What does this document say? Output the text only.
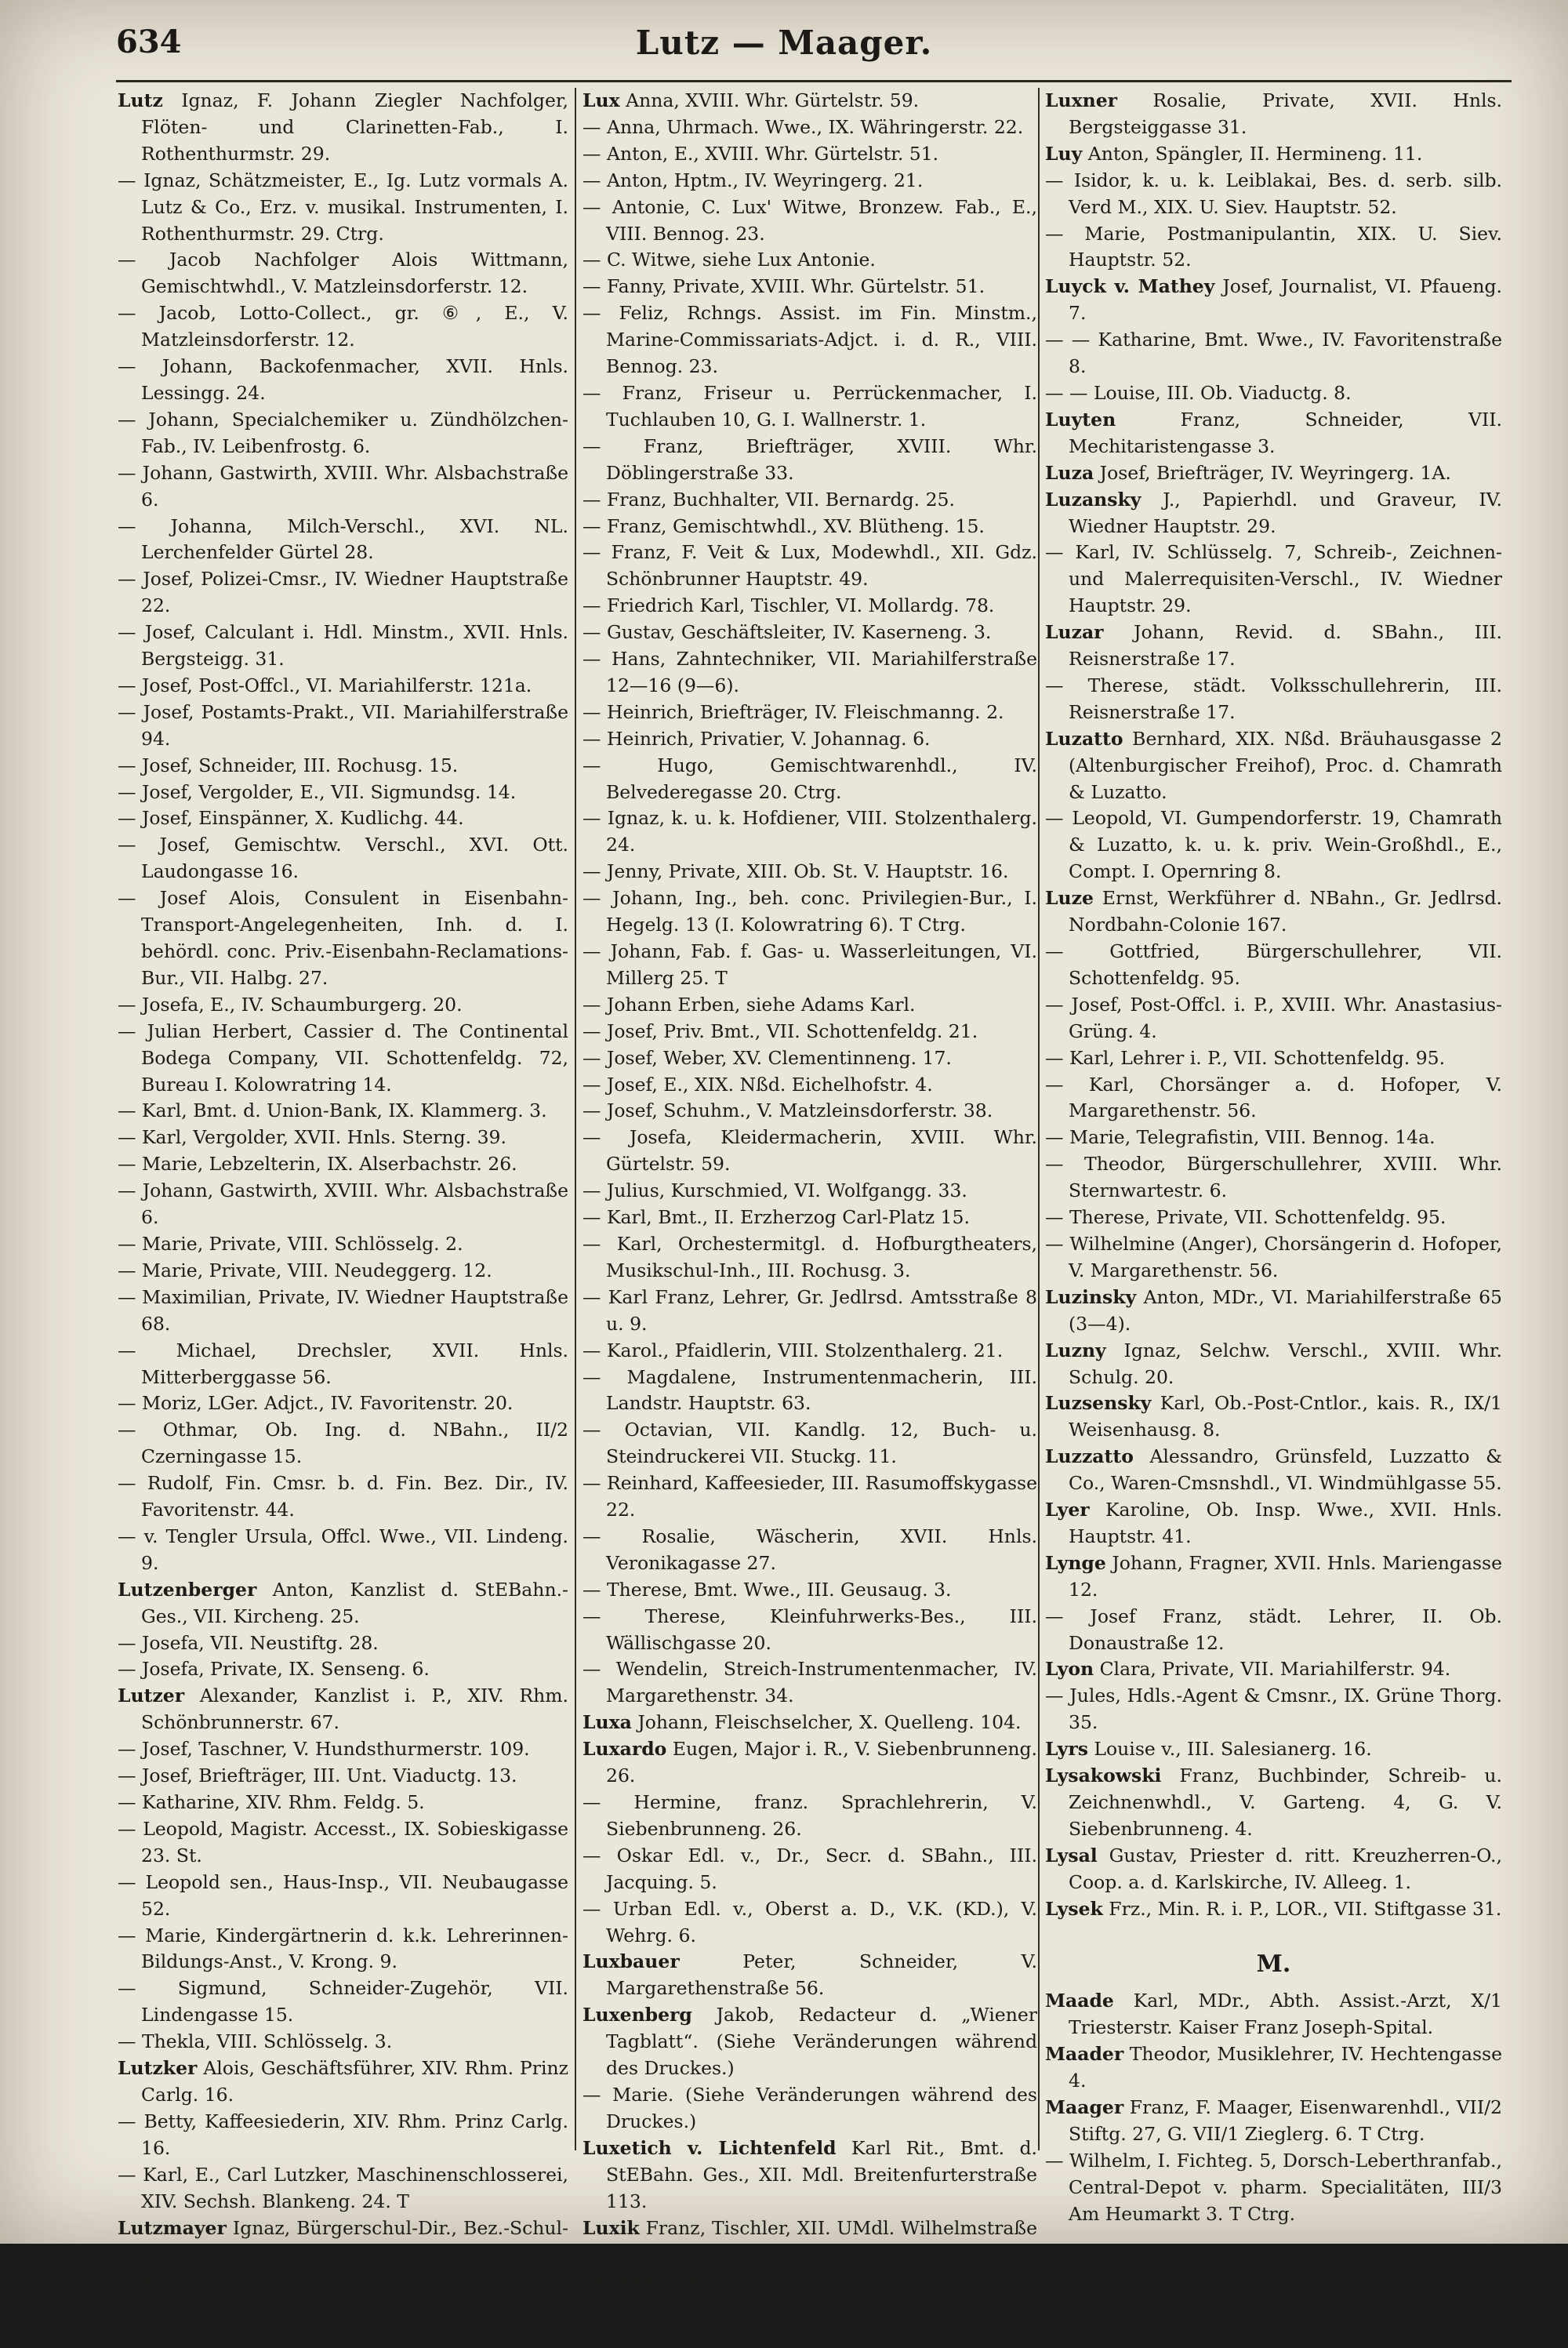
634	Lutz — Maager.

Lutz Ignaz, F. Johann Ziegler Nachfolger, Flöten- und Clarinetten-Fab., I. Rothenthurmstr. 29.

— Ignaz, Schätzmeister, E., Ig. Lutz vormals A. Lutz & Co., Erz. v. musikal. Instrumenten, I. Rothenthurmstr. 29. Ctrg.

— Jacob Nachfolger Alois Wittmann, Gemischtwhdl., V. Matzleinsdorferstr. 12.

— Jacob, Lotto-Collect., gr. ⑥, E., V. Matzleinsdorferstr. 12.

— Johann, Backofenmacher, XVII. Hnls. Lessingg. 24.

— Johann, Specialchemiker u. Zündhölzchen-Fab., IV. Leibenfrostg. 6.

— Johann, Gastwirth, XVIII. Whr. Alsbachstraße 6.

— Johanna, Milch-Verschl., XVI. NL. Lerchenfelder Gürtel 28.

— Josef, Polizei-Cmsr., IV. Wiedner Hauptstraße 22.

— Josef, Calculant i. Hdl. Minstm., XVII. Hnls. Bergsteigg. 31.

— Josef, Post-Offcl., VI. Mariahilferstr. 121a.

— Josef, Postamts-Prakt., VII. Mariahilferstraße 94.

— Josef, Schneider, III. Rochusg. 15.

— Josef, Vergolder, E., VII. Sigmundsg. 14.

— Josef, Einspänner, X. Kudlichg. 44.

— Josef, Gemischtw. Verschl., XVI. Ott. Laudongasse 16.

— Josef Alois, Consulent in Eisenbahn-Transport-Angelegenheiten, Inh. d. I. behördl. conc. Priv.-Eisenbahn-Reclamations-Bur., VII. Halbg. 27.

— Josefa, E., IV. Schaumburgerg. 20.

— Julian Herbert, Cassier d. The Continental Bodega Company, VII. Schottenfeldg. 72, Bureau I. Kolowratring 14.

— Karl, Bmt. d. Union-Bank, IX. Klammerg. 3.

— Karl, Vergolder, XVII. Hnls. Sterng. 39.

— Marie, Lebzelterin, IX. Alserbachstr. 26.

— Johann, Gastwirth, XVIII. Whr. Alsbachstraße 6.

— Marie, Private, VIII. Schlösselg. 2.

— Marie, Private, VIII. Neudeggerg. 12.

— Maximilian, Private, IV. Wiedner Hauptstraße 68.

— Michael, Drechsler, XVII. Hnls. Mitterberggasse 56.

— Moriz, LGer. Adjct., IV. Favoritenstr. 20.

— Othmar, Ob. Ing. d. NBahn., II/2 Czerningasse 15.

— Rudolf, Fin. Cmsr. b. d. Fin. Bez. Dir., IV. Favoritenstr. 44.

— v. Tengler Ursula, Offcl. Wwe., VII. Lindeng. 9.

Lutzenberger Anton, Kanzlist d. StEBahn.-Ges., VII. Kircheng. 25.

— Josefa, VII. Neustiftg. 28.

— Josefa, Private, IX. Senseng. 6.

Lutzer Alexander, Kanzlist i. P., XIV. Rhm. Schönbrunnerstr. 67.

— Josef, Taschner, V. Hundsthurmerstr. 109.

— Josef, Briefträger, III. Unt. Viaductg. 13.

— Katharine, XIV. Rhm. Feldg. 5.

— Leopold, Magistr. Accesst., IX. Sobieskigasse 23. St.

— Leopold sen., Haus-Insp., VII. Neubaugasse 52.

— Marie, Kindergärtnerin d. k.k. Lehrerinnen-Bildungs-Anst., V. Krong. 9.

— Sigmund, Schneider-Zugehör, VII. Lindengasse 15.

— Thekla, VIII. Schlösselg. 3.

Lutzker Alois, Geschäftsführer, XIV. Rhm. Prinz Carlg. 16.

— Betty, Kaffeesiederin, XIV. Rhm. Prinz Carlg. 16.

— Karl, E., Carl Lutzker, Maschinenschlosserei, XIV. Sechsh. Blankeng. 24. T

Lutzmayer Ignaz, Bürgerschul-Dir., Bez.-Schul-Insp., VI. Stumperg. 56.

Lux Alois, Rchngs. Offcl. im Hdl. Minstm., III. Landstr. Hauptstr. 63.

— Anna, XIV. Rhm. Karolineng. 27.

Lux Anna, XVIII. Whr. Gürtelstr. 59.

— Anna, Uhrmach. Wwe., IX. Währingerstr. 22.

— Anton, E., XVIII. Whr. Gürtelstr. 51.

— Anton, Hptm., IV. Weyringerg. 21.

— Antonie, C. Lux' Witwe, Bronzew. Fab., E., VIII. Bennog. 23.

— C. Witwe, siehe Lux Antonie.

— Fanny, Private, XVIII. Whr. Gürtelstr. 51.

— Feliz, Rchngs. Assist. im Fin. Minstm., Marine-Commissariats-Adjct. i. d. R., VIII. Bennog. 23.

— Franz, Friseur u. Perrückenmacher, I. Tuchlauben 10, G. I. Wallnerstr. 1.

— Franz, Briefträger, XVIII. Whr. Döblingerstraße 33.

— Franz, Buchhalter, VII. Bernardg. 25.

— Franz, Gemischtwhdl., XV. Blütheng. 15.

— Franz, F. Veit & Lux, Modewhdl., XII. Gdz. Schönbrunner Hauptstr. 49.

— Friedrich Karl, Tischler, VI. Mollardg. 78.

— Gustav, Geschäftsleiter, IV. Kaserneng. 3.

— Hans, Zahntechniker, VII. Mariahilferstraße 12—16 (9—6).

— Heinrich, Briefträger, IV. Fleischmanng. 2.

— Heinrich, Privatier, V. Johannag. 6.

— Hugo, Gemischtwarenhdl., IV. Belvederegasse 20. Ctrg.

— Ignaz, k. u. k. Hofdiener, VIII. Stolzenthalerg. 24.

— Jenny, Private, XIII. Ob. St. V. Hauptstr. 16.

— Johann, Ing., beh. conc. Privilegien-Bur., I. Hegelg. 13 (I. Kolowratring 6). T Ctrg.

— Johann, Fab. f. Gas- u. Wasserleitungen, VI. Millerg 25. T

— Johann Erben, siehe Adams Karl.

— Josef, Priv. Bmt., VII. Schottenfeldg. 21.

— Josef, Weber, XV. Clementinneng. 17.

— Josef, E., XIX. Nßd. Eichelhofstr. 4.

— Josef, Schuhm., V. Matzleinsdorferstr. 38.

— Josefa, Kleidermacherin, XVIII. Whr. Gürtelstr. 59.

— Julius, Kurschmied, VI. Wolfgangg. 33.

— Karl, Bmt., II. Erzherzog Carl-Platz 15.

— Karl, Orchestermitgl. d. Hofburgtheaters, Musikschul-Inh., III. Rochusg. 3.

— Karl Franz, Lehrer, Gr. Jedlrsd. Amtsstraße 8 u. 9.

— Karol., Pfaidlerin, VIII. Stolzenthalerg. 21.

— Magdalene, Instrumentenmacherin, III. Landstr. Hauptstr. 63.

— Octavian, VII. Kandlg. 12, Buch- u. Steindruckerei VII. Stuckg. 11.

— Reinhard, Kaffeesieder, III. Rasumoffskygasse 22.

— Rosalie, Wäscherin, XVII. Hnls. Veronikagasse 27.

— Therese, Bmt. Wwe., III. Geusaug. 3.

— Therese, Kleinfuhrwerks-Bes., III. Wällischgasse 20.

— Wendelin, Streich-Instrumentenmacher, IV. Margarethenstr. 34.

Luxa Johann, Fleischselcher, X. Quelleng. 104.

Luxardo Eugen, Major i. R., V. Siebenbrunneng. 26.

— Hermine, franz. Sprachlehrerin, V. Siebenbrunneng. 26.

— Oskar Edl. v., Dr., Secr. d. SBahn., III. Jacquing. 5.

— Urban Edl. v., Oberst a. D., V.K. (KD.), V. Wehrg. 6.

Luxbauer Peter, Schneider, V. Margarethenstraße 56.

Luxenberg Jakob, Redacteur d. „Wiener Tagblatt“. (Siehe Veränderungen während des Druckes.)

— Marie. (Siehe Veränderungen während des Druckes.)

Luxetich v. Lichtenfeld Karl Rit., Bmt. d. StEBahn. Ges., XII. Mdl. Breitenfurterstraße 113.

Luxik Franz, Tischler, XII. UMdl. Wilhelmstraße 39.

Luxner Karl, Milchmeier, XVII. Hnls. Bergsteigg. 34.

— Ludwig, Milchmeier, XVIII. Whr. Neueg. 3.

Luxner Rosalie, Private, XVII. Hnls. Bergsteiggasse 31.

Luy Anton, Spängler, II. Hermineng. 11.

— Isidor, k. u. k. Leiblakai, Bes. d. serb. silb. Verd M., XIX. U. Siev. Hauptstr. 52.

— Marie, Postmanipulantin, XIX. U. Siev. Hauptstr. 52.

Luyck v. Mathey Josef, Journalist, VI. Pfaueng. 7.

— — Katharine, Bmt. Wwe., IV. Favoritenstraße 8.

— — Louise, III. Ob. Viaductg. 8.

Luyten Franz, Schneider, VII. Mechitaristengasse 3.

Luza Josef, Briefträger, IV. Weyringerg. 1A.

Luzansky J., Papierhdl. und Graveur, IV. Wiedner Hauptstr. 29.

— Karl, IV. Schlüsselg. 7, Schreib-, Zeichnen- und Malerrequisiten-Verschl., IV. Wiedner Hauptstr. 29.

Luzar Johann, Revid. d. SBahn., III. Reisnerstraße 17.

— Therese, städt. Volksschullehrerin, III. Reisnerstraße 17.

Luzatto Bernhard, XIX. Nßd. Bräuhausgasse 2 (Altenburgischer Freihof), Proc. d. Chamrath & Luzatto.

— Leopold, VI. Gumpendorferstr. 19, Chamrath & Luzatto, k. u. k. priv. Wein-Großhdl., E., Compt. I. Opernring 8.

Luze Ernst, Werkführer d. NBahn., Gr. Jedlrsd. Nordbahn-Colonie 167.

— Gottfried, Bürgerschullehrer, VII. Schottenfeldg. 95.

— Josef, Post-Offcl. i. P., XVIII. Whr. Anastasius-Grüng. 4.

— Karl, Lehrer i. P., VII. Schottenfeldg. 95.

— Karl, Chorsänger a. d. Hofoper, V. Margarethenstr. 56.

— Marie, Telegrafistin, VIII. Bennog. 14a.

— Theodor, Bürgerschullehrer, XVIII. Whr. Sternwartestr. 6.

— Therese, Private, VII. Schottenfeldg. 95.

— Wilhelmine (Anger), Chorsängerin d. Hofoper, V. Margarethenstr. 56.

Luzinsky Anton, MDr., VI. Mariahilferstraße 65 (3—4).

Luzny Ignaz, Selchw. Verschl., XVIII. Whr. Schulg. 20.

Luzsensky Karl, Ob.-Post-Cntlor., kais. R., IX/1 Weisenhausg. 8.

Luzzatto Alessandro, Grünsfeld, Luzzatto & Co., Waren-Cmsnshdl., VI. Windmühlgasse 55.

Lyer Karoline, Ob. Insp. Wwe., XVII. Hnls. Hauptstr. 41.

Lynge Johann, Fragner, XVII. Hnls. Mariengasse 12.

— Josef Franz, städt. Lehrer, II. Ob. Donaustraße 12.

Lyon Clara, Private, VII. Mariahilferstr. 94.

— Jules, Hdls.-Agent & Cmsnr., IX. Grüne Thorg. 35.

Lyrs Louise v., III. Salesianerg. 16.

Lysakowski Franz, Buchbinder, Schreib- u. Zeichnenwhdl., V. Garteng. 4, G. V. Siebenbrunneng. 4.

Lysal Gustav, Priester d. ritt. Kreuzherren-O., Coop. a. d. Karlskirche, IV. Alleeg. 1.

Lysek Frz., Min. R. i. P., LOR., VII. Stiftgasse 31.

M.

Maade Karl, MDr., Abth. Assist.-Arzt, X/1 Triesterstr. Kaiser Franz Joseph-Spital.

Maader Theodor, Musiklehrer, IV. Hechtengasse 4.

Maager Franz, F. Maager, Eisenwarenhdl., VII/2 Stiftg. 27, G. VII/1 Zieglerg. 6. T Ctrg.

— Wilhelm, I. Fichteg. 5, Dorsch-Leberthranfab., Central-Depot v. pharm. Specialitäten, III/3 Am Heumarkt 3. T Ctrg.
